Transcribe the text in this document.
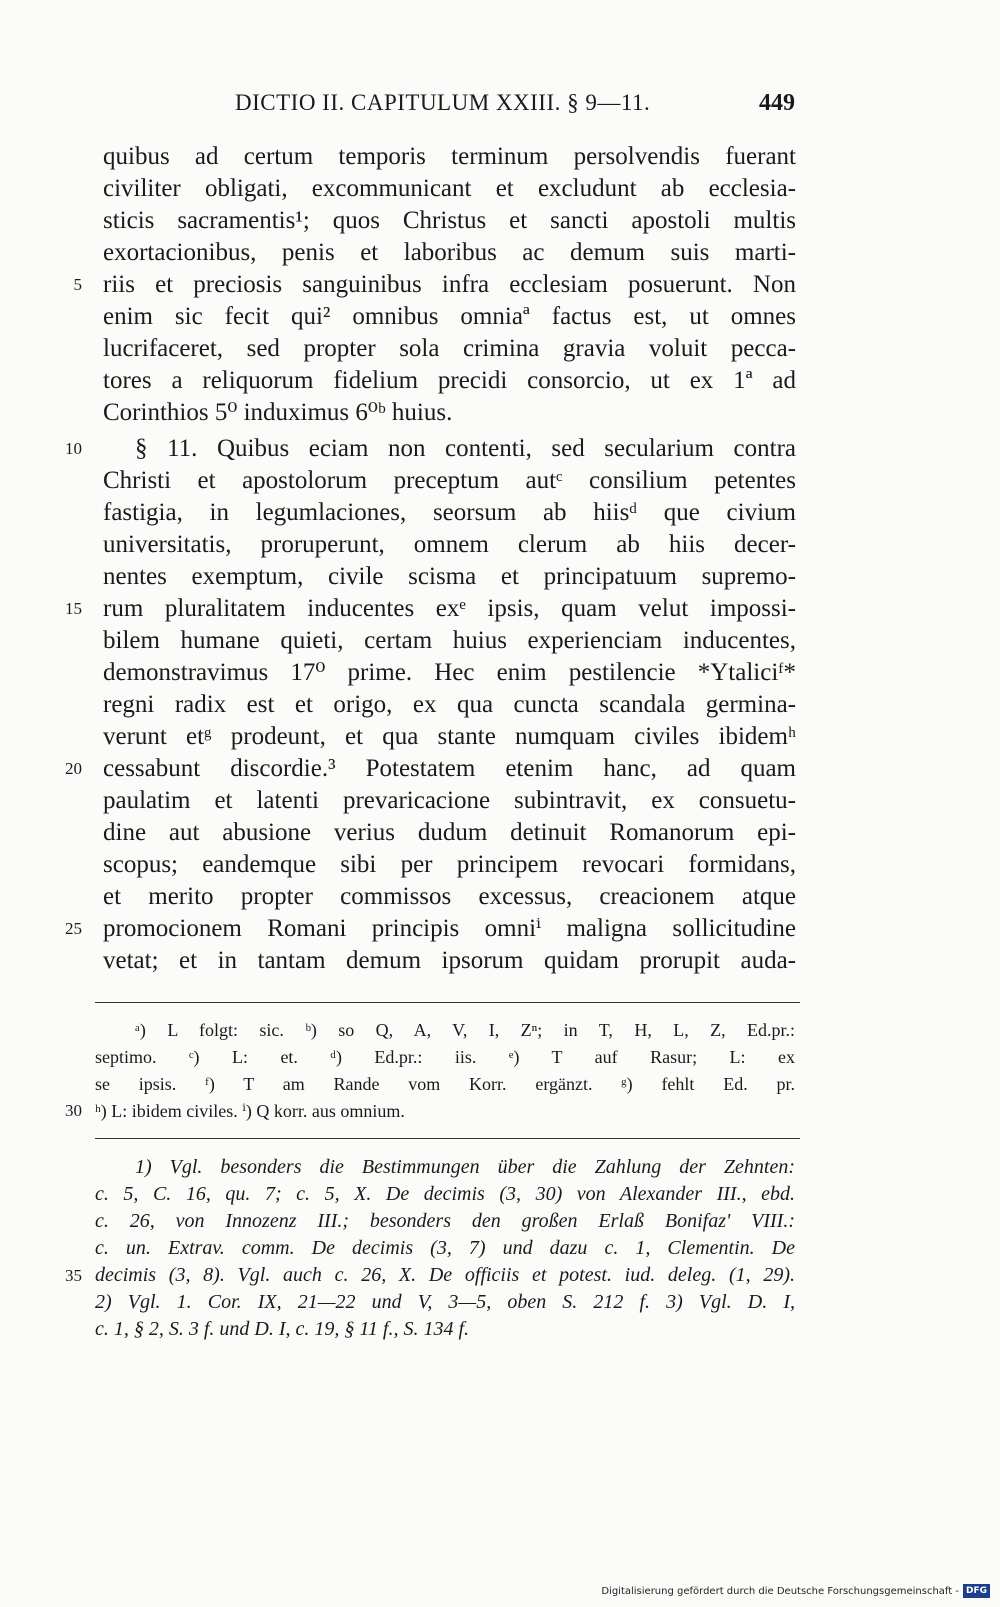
DICTIO II. CAPITULUM XXIII. § 9—11.	449
quibus ad certum temporis terminum persolvendis fuerant
civiliter obligati, excommunicant et excludunt ab ecclesia-
sticis sacramentis¹; quos Christus et sancti apostoli multis
exortacionibus, penis et laboribus ac demum suis marti-
riis et preciosis sanguinibus infra ecclesiam posuerunt. Non
enim sic fecit qui² omnibus omniaª factus est, ut omnes
lucrifaceret, sed propter sola crimina gravia voluit pecca-
tores a reliquorum fidelium precidi consorcio, ut ex 1ª ad
Corinthios 5⁰ induximus 6⁰ᵇ huius.
§ 11. Quibus eciam non contenti, sed secularium contra
Christi et apostolorum preceptum autᶜ consilium petentes
fastigia, in legumlaciones, seorsum ab hiisᵈ que civium
universitatis, proruperunt, omnem clerum ab hiis decer-
nentes exemptum, civile scisma et principatuum supremo-
rum pluralitatem inducentes exᵉ ipsis, quam velut impossi-
bilem humane quieti, certam huius experienciam inducentes,
demonstravimus 17⁰ prime. Hec enim pestilencie *Ytaliciᶠ*
regni radix est et origo, ex qua cuncta scandala germina-
verunt etᵍ prodeunt, et qua stante numquam civiles ibidemʰ
cessabunt discordie.³ Potestatem etenim hanc, ad quam
paulatim et latenti prevaricacione subintravit, ex consuetu-
dine aut abusione verius dudum detinuit Romanorum epi-
scopus; eandemque sibi per principem revocari formidans,
et merito propter commissos excessus, creacionem atque
promocionem Romani principis omniⁱ maligna sollicitudine
vetat; et in tantam demum ipsorum quidam prorupit auda-
5
10
15
20
25
ᵃ) L folgt: sic. ᵇ) so Q, A, V, I, Zⁿ; in T, H, L, Z, Ed.pr.:
septimo. ᶜ) L: et. ᵈ) Ed.pr.: iis. ᵉ) T auf Rasur; L: ex
se ipsis. ᶠ) T am Rande vom Korr. ergänzt. ᵍ) fehlt Ed. pr.
ʰ) L: ibidem civiles. ⁱ) Q korr. aus omnium.
30
1) Vgl. besonders die Bestimmungen über die Zahlung der Zehnten:
c. 5, C. 16, qu. 7; c. 5, X. De decimis (3, 30) von Alexander III., ebd.
c. 26, von Innozenz III.; besonders den großen Erlaß Bonifaz' VIII.:
c. un. Extrav. comm. De decimis (3, 7) und dazu c. 1, Clementin. De
decimis (3, 8). Vgl. auch c. 26, X. De officiis et potest. iud. deleg. (1, 29).
2) Vgl. 1. Cor. IX, 21—22 und V, 3—5, oben S. 212 f. 3) Vgl. D. I,
c. 1, § 2, S. 3 f. und D. I, c. 19, § 11 f., S. 134 f.
35
Digitalisierung gefördert durch die Deutsche Forschungsgemeinschaft - DFG
